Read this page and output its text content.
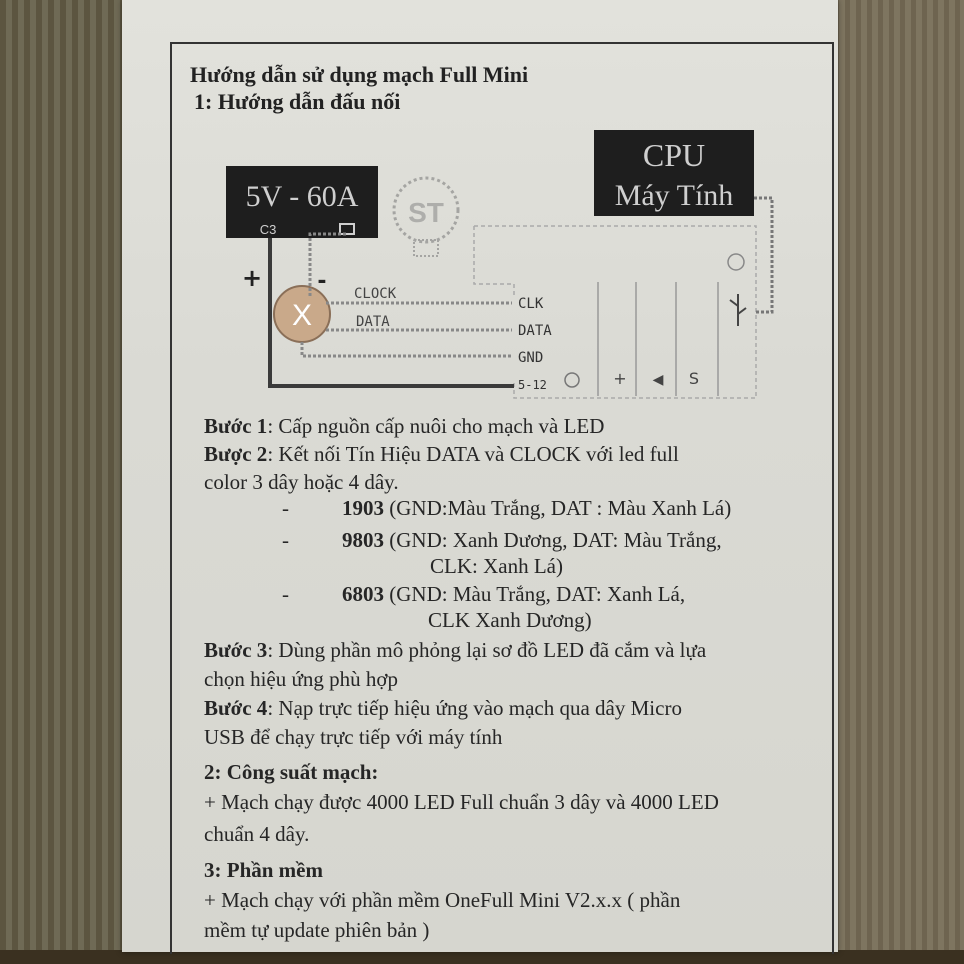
Hướng dẫn sử dụng mạch Full Mini
1: Hướng dẫn đấu nối
5V - 60A
C3
ST
CPU
Máy Tính
+ ◀ S
X
+	- CLOCK
DATA
CLK
DATA
GND
5-12
Bước 1: Cấp nguồn cấp nuôi cho mạch và LED
Bược 2: Kết nối Tín Hiệu DATA và CLOCK với led full
color 3 dây hoặc 4 dây.
-	1903 (GND:Màu Trắng, DAT : Màu Xanh Lá)
-	9803 (GND: Xanh Dương, DAT: Màu Trắng,
CLK: Xanh Lá)
-	6803 (GND: Màu Trắng, DAT: Xanh Lá,
CLK Xanh Dương)
Bước 3: Dùng phần mô phỏng lại sơ đồ LED đã cắm và lựa
chọn hiệu ứng phù hợp
Bước 4: Nạp trực tiếp hiệu ứng vào mạch qua dây Micro
USB để chạy trực tiếp với máy tính
2: Công suất mạch:
+ Mạch chạy được 4000 LED Full chuẩn 3 dây và 4000 LED
chuẩn 4 dây.
3: Phần mềm
+ Mạch chạy với phần mềm OneFull Mini V2.x.x ( phần
mềm tự update phiên bản )
